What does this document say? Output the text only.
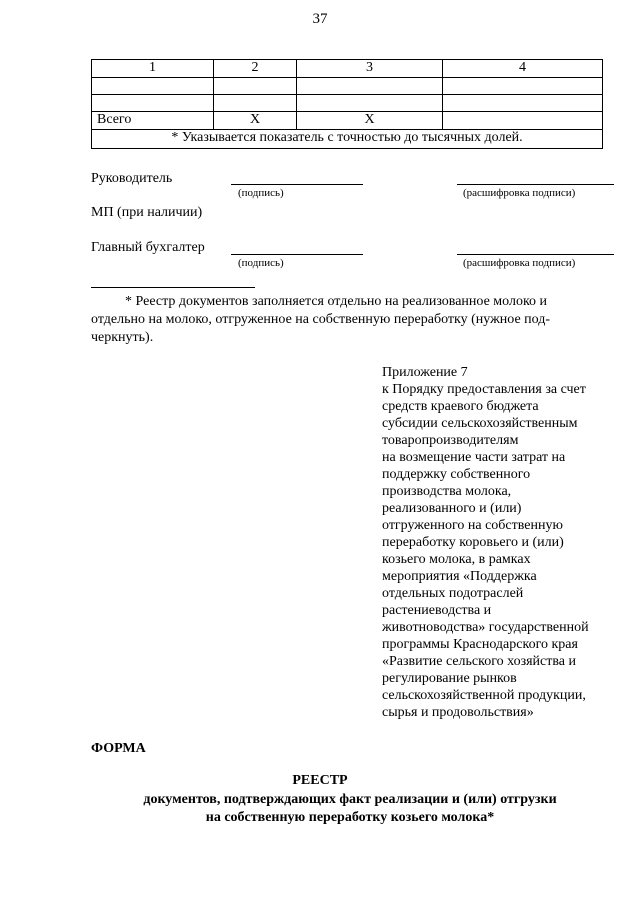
37
1	2	3	4

Всего	Х	Х	
* Указывается показатель с точностью до тысячных долей.			
Руководитель
(подпись)	(расшифровка подписи)
МП (при наличии)
Главный бухгалтер
(подпись)	(расшифровка подписи)
* Реестр документов заполняется отдельно на реализованное молоко и отдельно на молоко, отгруженное на собственную переработку (нужное подчеркнуть).
Приложение 7
к Порядку предоставления за счет
средств краевого бюджета
субсидии сельскохозяйственным
товаропроизводителям
на возмещение части затрат на
поддержку собственного
производства молока,
реализованного и (или)
отгруженного на собственную
переработку коровьего и (или)
козьего молока, в рамках
мероприятия «Поддержка
отдельных подотраслей
растениеводства и
животноводства» государственной
программы Краснодарского края
«Развитие сельского хозяйства и
регулирование рынков
сельскохозяйственной продукции,
сырья и продовольствия»
ФОРМА
РЕЕСТР
документов, подтверждающих факт реализации и (или) отгрузки
на собственную переработку козьего молока*
